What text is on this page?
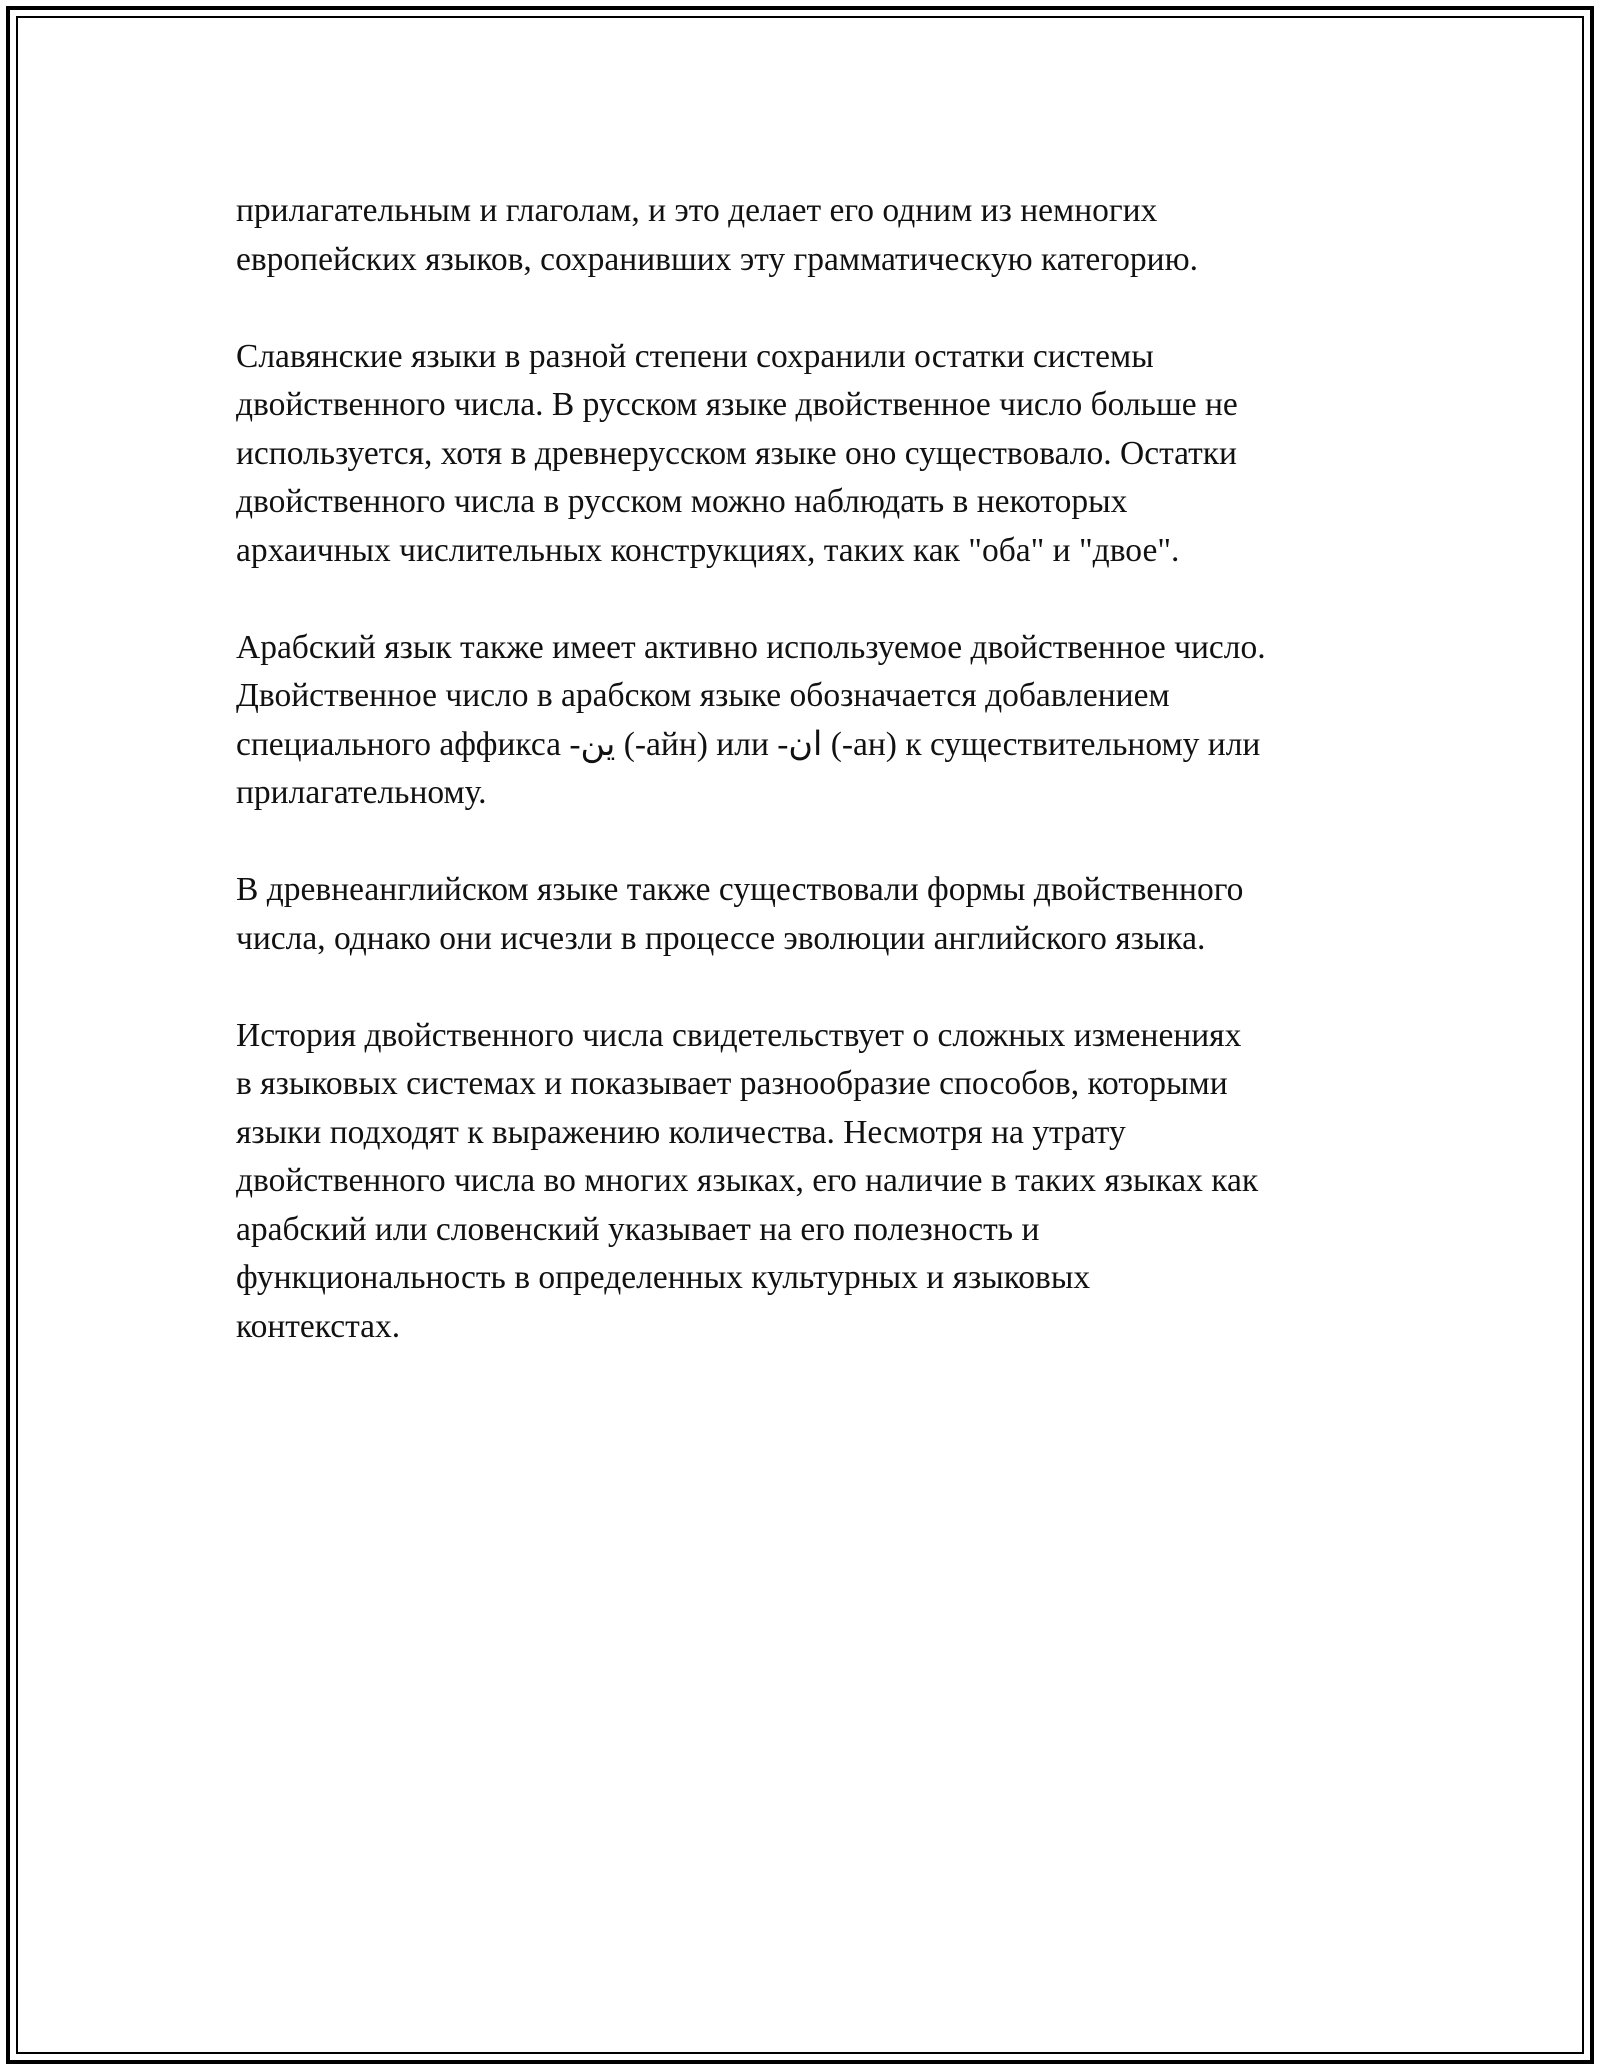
прилагательным и глаголам, и это делает его одним из немногих
европейских языков, сохранивших эту грамматическую категорию.

Славянские языки в разной степени сохранили остатки системы
двойственного числа. В русском языке двойственное число больше не
используется, хотя в древнерусском языке оно существовало. Остатки
двойственного числа в русском можно наблюдать в некоторых
архаичных числительных конструкциях, таких как "оба" и "двое".

Арабский язык также имеет активно используемое двойственное число.
Двойственное число в арабском языке обозначается добавлением
специального аффикса -ين (-айн) или -ان (-ан) к существительному или
прилагательному.

В древнеанглийском языке также существовали формы двойственного
числа, однако они исчезли в процессе эволюции английского языка.

История двойственного числа свидетельствует о сложных изменениях
в языковых системах и показывает разнообразие способов, которыми
языки подходят к выражению количества. Несмотря на утрату
двойственного числа во многих языках, его наличие в таких языках как
арабский или словенский указывает на его полезность и
функциональность в определенных культурных и языковых
контекстах.
